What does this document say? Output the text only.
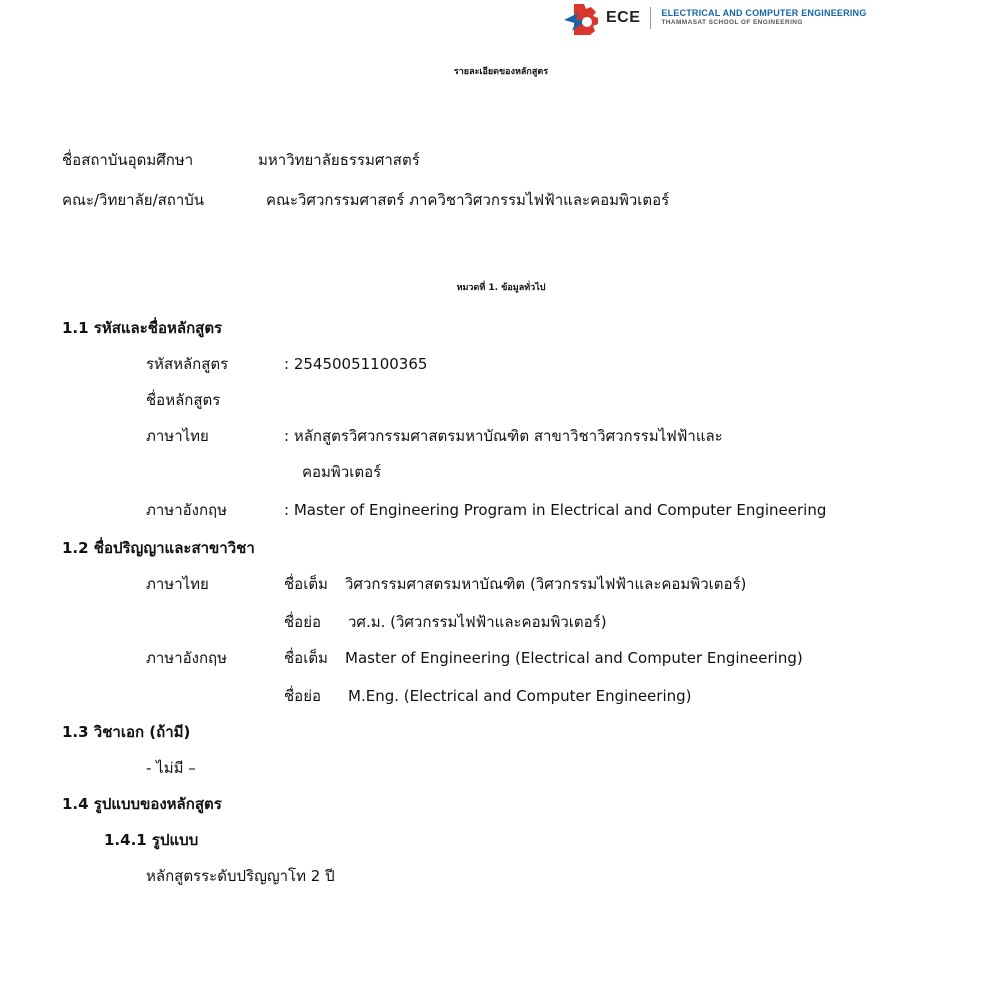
ECE ELECTRICAL AND COMPUTER ENGINEERING
THAMMASAT SCHOOL OF ENGINEERING
รายละเอียดของหลักสูตร
ชื่อสถาบันอุดมศึกษา	มหาวิทยาลัยธรรมศาสตร์
คณะ/วิทยาลัย/สถาบัน	คณะวิศวกรรมศาสตร์ ภาควิชาวิศวกรรมไฟฟ้าและคอมพิวเตอร์
หมวดที่ 1. ข้อมูลทั่วไป
1.1 รหัสและชื่อหลักสูตร
รหัสหลักสูตร	: 25450051100365
ชื่อหลักสูตร
ภาษาไทย	: หลักสูตรวิศวกรรมศาสตรมหาบัณฑิต สาขาวิชาวิศวกรรมไฟฟ้าและ
คอมพิวเตอร์
ภาษาอังกฤษ	: Master of Engineering Program in Electrical and Computer Engineering
1.2 ชื่อปริญญาและสาขาวิชา
ภาษาไทย	ชื่อเต็ม วิศวกรรมศาสตรมหาบัณฑิต (วิศวกรรมไฟฟ้าและคอมพิวเตอร์)
ชื่อย่อ วศ.ม. (วิศวกรรมไฟฟ้าและคอมพิวเตอร์)
ภาษาอังกฤษ	ชื่อเต็ม Master of Engineering (Electrical and Computer Engineering)
ชื่อย่อ M.Eng. (Electrical and Computer Engineering)
1.3 วิชาเอก (ถ้ามี)
- ไม่มี –
1.4 รูปแบบของหลักสูตร
1.4.1 รูปแบบ
หลักสูตรระดับปริญญาโท 2 ปี
